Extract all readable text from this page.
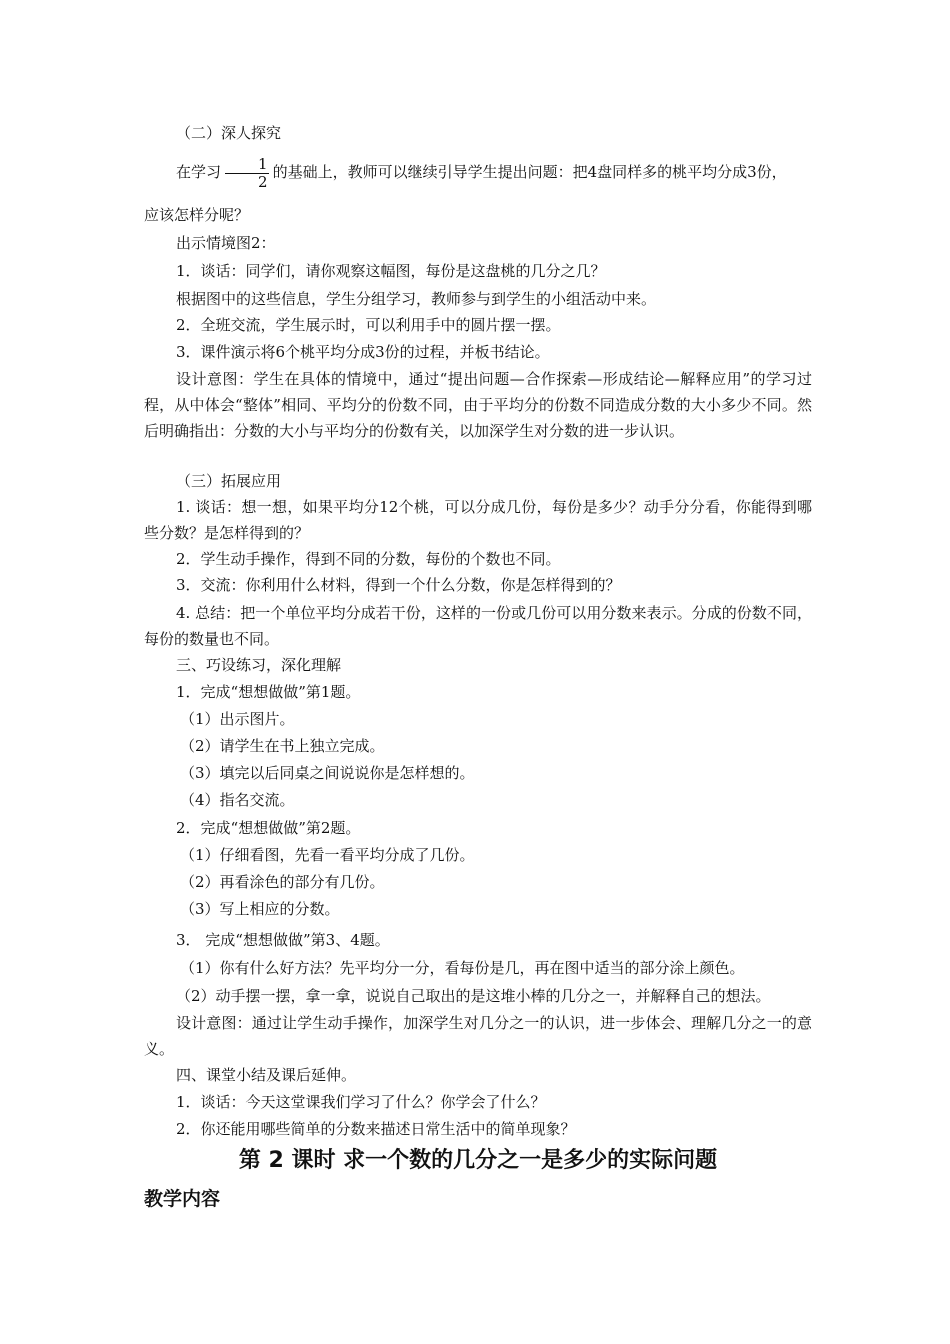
（二）深人探究
在学习 $\frac{1}{2}$ 的基础上，教师可以继续引导学生提出问题：把4盘同样多的桃平均分成3份，
应该怎样分呢？
出示情境图2：
1．谈话：同学们，请你观察这幅图，每份是这盘桃的几分之几？
根据图中的这些信息，学生分组学习，教师参与到学生的小组活动中来。
2．全班交流，学生展示时，可以利用手中的圆片摆一摆。
3．课件演示将6个桃平均分成3份的过程，并板书结论。
设计意图：学生在具体的情境中，通过“提出问题—合作探索—形成结论—解释应用”的学习过程，从中体会“整体”相同、平均分的份数不同，由于平均分的份数不同造成分数的大小多少不同。然后明确指出：分数的大小与平均分的份数有关，以加深学生对分数的进一步认识。
（三）拓展应用
1. 谈话：想一想，如果平均分12个桃，可以分成几份，每份是多少？动手分分看，你能得到哪些分数？是怎样得到的？
2．学生动手操作，得到不同的分数，每份的个数也不同。
3．交流：你利用什么材料，得到一个什么分数，你是怎样得到的？
4. 总结：把一个单位平均分成若干份，这样的一份或几份可以用分数来表示。分成的份数不同，每份的数量也不同。
三、巧设练习，深化理解
1．完成“想想做做”第1题。
（1）出示图片。
（2）请学生在书上独立完成。
（3）填完以后同桌之间说说你是怎样想的。
（4）指名交流。
2．完成“想想做做”第2题。
（1）仔细看图，先看一看平均分成了几份。
（2）再看涂色的部分有几份。
（3）写上相应的分数。
3． 完成“想想做做”第3、4题。
（1）你有什么好方法？先平均分一分，看每份是几，再在图中适当的部分涂上颜色。
（2）动手摆一摆，拿一拿，说说自己取出的是这堆小棒的几分之一，并解释自己的想法。
设计意图：通过让学生动手操作，加深学生对几分之一的认识，进一步体会、理解几分之一的意义。
四、课堂小结及课后延伸。
1．谈话：今天这堂课我们学习了什么？你学会了什么？
2．你还能用哪些简单的分数来描述日常生活中的简单现象？
第 2 课时 求一个数的几分之一是多少的实际问题
教学内容
